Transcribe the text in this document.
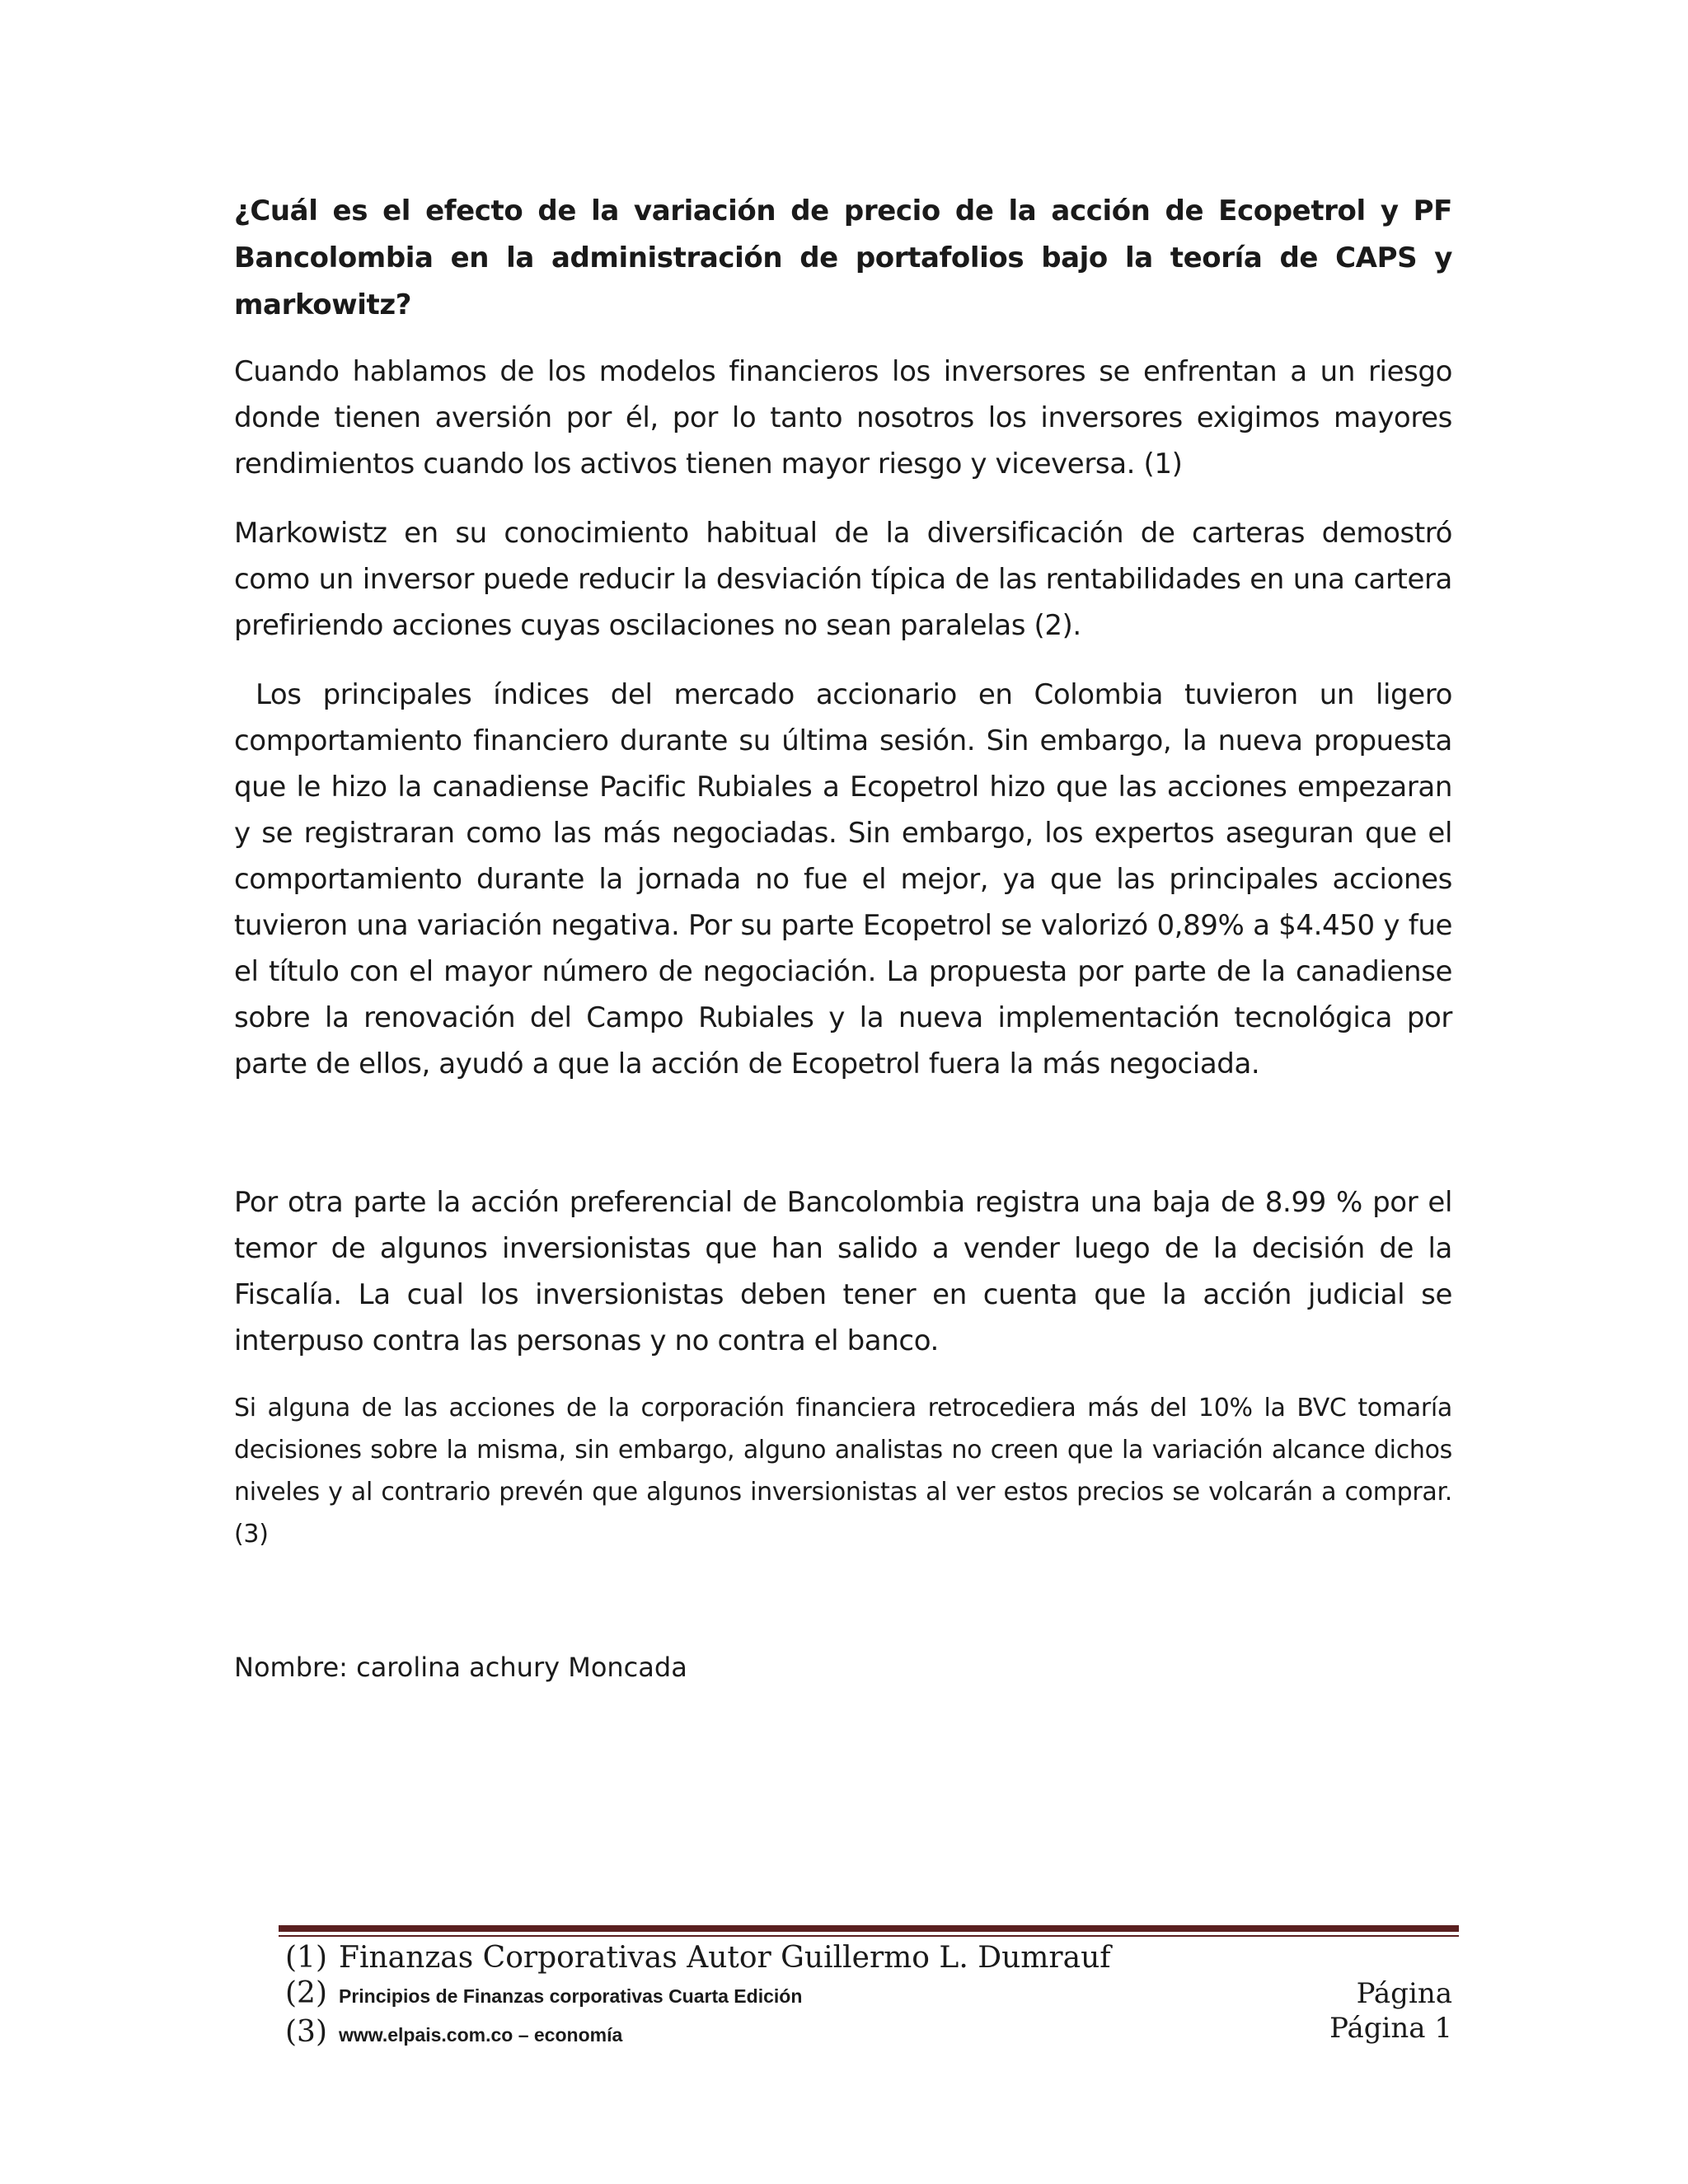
¿Cuál es el efecto de la variación de precio de la acción de Ecopetrol y PF Bancolombia en la administración de portafolios bajo la teoría de CAPS y markowitz?
Cuando hablamos de los modelos financieros los inversores se enfrentan a un riesgo donde tienen aversión por él, por lo tanto nosotros los inversores exigimos mayores rendimientos cuando los activos tienen mayor riesgo y viceversa. (1)
Markowistz en su conocimiento habitual de la diversificación de carteras demostró como un inversor puede reducir la desviación típica de las rentabilidades en una cartera prefiriendo acciones cuyas oscilaciones no sean paralelas (2).
Los principales índices del mercado accionario en Colombia tuvieron un ligero comportamiento financiero durante su última sesión. Sin embargo, la nueva propuesta que le hizo la canadiense Pacific Rubiales a Ecopetrol hizo que las acciones empezaran y se registraran como las más negociadas. Sin embargo, los expertos aseguran que el comportamiento durante la jornada no fue el mejor, ya que las principales acciones tuvieron una variación negativa. Por su parte Ecopetrol se valorizó 0,89% a $4.450 y fue el título con el mayor número de negociación. La propuesta por parte de la canadiense sobre la renovación del Campo Rubiales y la nueva implementación tecnológica por parte de ellos, ayudó a que la acción de Ecopetrol fuera la más negociada.
Por otra parte la acción preferencial de Bancolombia registra una baja de 8.99 % por el temor de algunos inversionistas que han salido a vender luego de la decisión de la Fiscalía. La cual los inversionistas deben tener en cuenta que la acción judicial se interpuso contra las personas y no contra el banco.
Si alguna de las acciones de la corporación financiera retrocediera más del 10% la BVC tomaría decisiones sobre la misma, sin embargo, alguno analistas no creen que la variación alcance dichos niveles y al contrario prevén que algunos inversionistas al ver estos precios se volcarán a comprar. (3)
Nombre: carolina achury Moncada
(1) Finanzas Corporativas Autor Guillermo L. Dumrauf
(2) Principios de Finanzas corporativas Cuarta Edición
(3) www.elpais.com.co – economía
Página
Página 1
